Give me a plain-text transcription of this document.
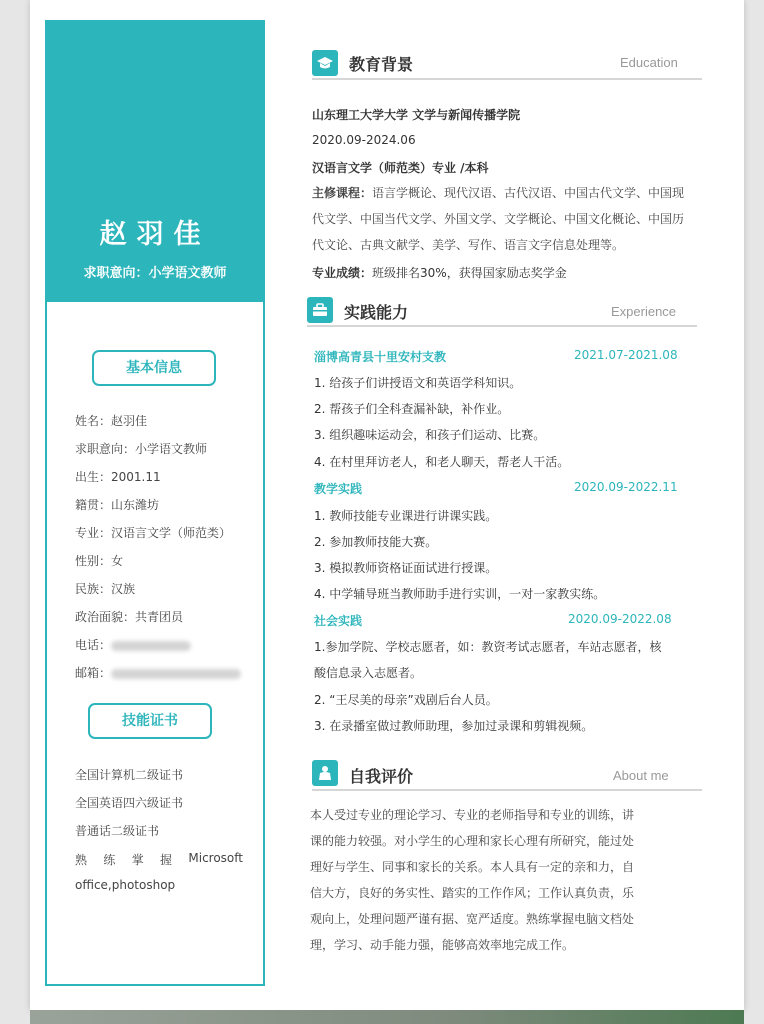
赵羽佳
求职意向：小学语文教师
基本信息
姓名：赵羽佳
求职意向：小学语文教师
出生：2001.11
籍贯：山东潍坊
专业：汉语言文学（师范类）
性别：女
民族：汉族
政治面貌：共青团员
电话：
邮箱：
技能证书
全国计算机二级证书
全国英语四六级证书
普通话二级证书
熟 练 掌 握 Microsoft
office,photoshop
教育背景	Education
山东理工大学大学 文学与新闻传播学院
2020.09-2024.06
汉语言文学（师范类）专业 /本科
主修课程：语言学概论、现代汉语、古代汉语、中国古代文学、中国现
代文学、中国当代文学、外国文学、文学概论、中国文化概论、中国历
代文论、古典文献学、美学、写作、语言文字信息处理等。
专业成绩：班级排名30%，获得国家励志奖学金
实践能力	Experience
淄博高青县十里安村支教	2021.07-2021.08
1. 给孩子们讲授语文和英语学科知识。
2. 帮孩子们全科查漏补缺，补作业。
3. 组织趣味运动会，和孩子们运动、比赛。
4. 在村里拜访老人，和老人聊天，帮老人干活。
教学实践	2020.09-2022.11
1. 教师技能专业课进行讲课实践。
2. 参加教师技能大赛。
3. 模拟教师资格证面试进行授课。
4. 中学辅导班当教师助手进行实训，一对一家教实练。
社会实践	2020.09-2022.08
1.参加学院、学校志愿者，如：教资考试志愿者，车站志愿者，核
酸信息录入志愿者。
2. “王尽美的母亲”戏剧后台人员。
3. 在录播室做过教师助理，参加过录课和剪辑视频。
自我评价	About me
本人受过专业的理论学习、专业的老师指导和专业的训练，讲
课的能力较强。对小学生的心理和家长心理有所研究，能过处
理好与学生、同事和家长的关系。本人具有一定的亲和力，自
信大方，良好的务实性、踏实的工作作风；工作认真负责，乐
观向上，处理问题严谨有据、宽严适度。熟练掌握电脑文档处
理，学习、动手能力强，能够高效率地完成工作。
